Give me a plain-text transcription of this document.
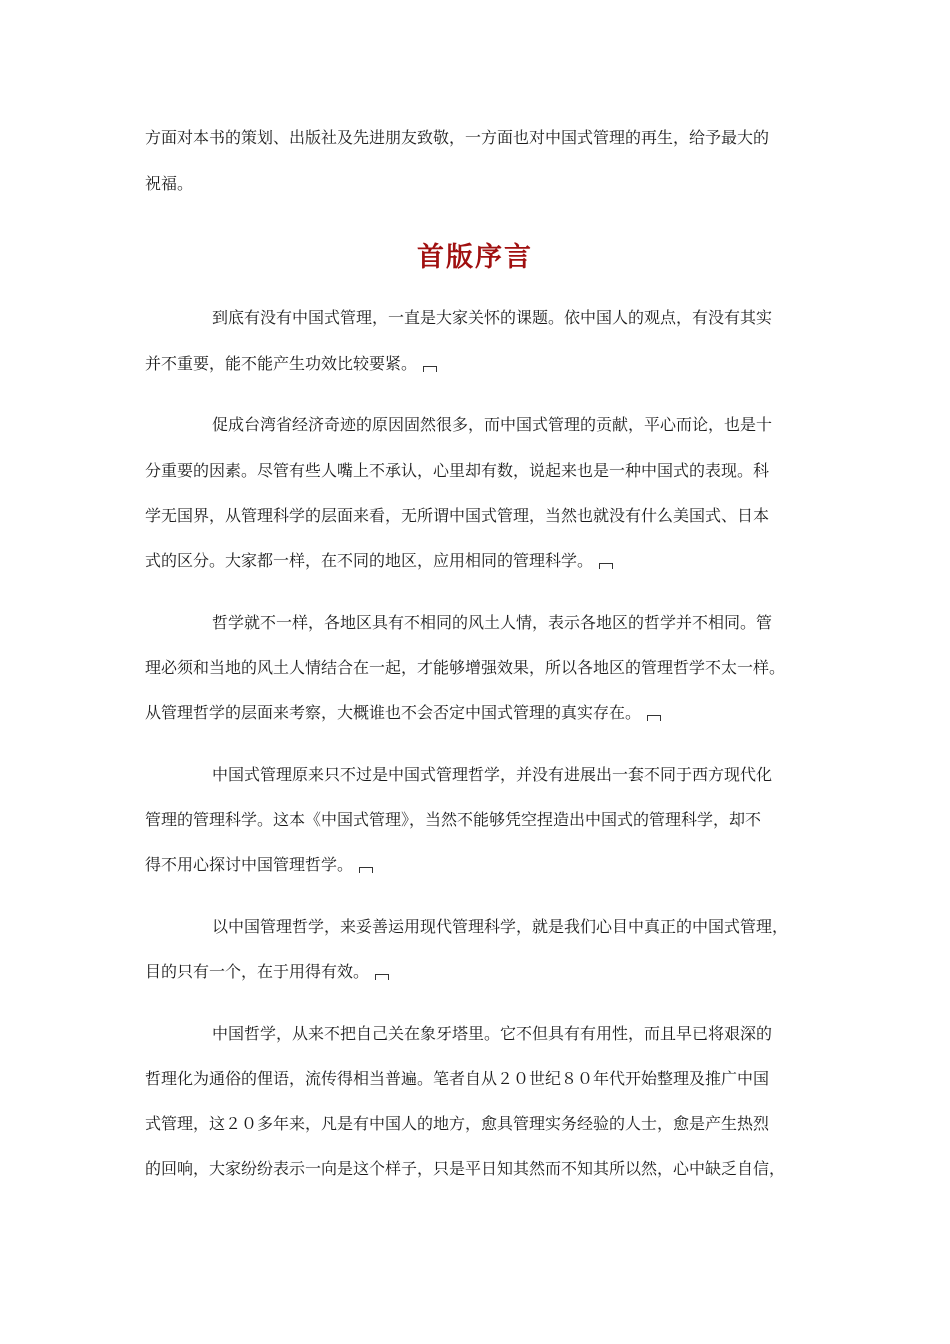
方面对本书的策划、出版社及先进朋友致敬，一方面也对中国式管理的再生，给予最大的
祝福。
首版序言
到底有没有中国式管理，一直是大家关怀的课题。依中国人的观点，有没有其实
并不重要，能不能产生功效比较要紧。
促成台湾省经济奇迹的原因固然很多，而中国式管理的贡献，平心而论，也是十
分重要的因素。尽管有些人嘴上不承认，心里却有数，说起来也是一种中国式的表现。科
学无国界，从管理科学的层面来看，无所谓中国式管理，当然也就没有什么美国式、日本
式的区分。大家都一样，在不同的地区，应用相同的管理科学。
哲学就不一样，各地区具有不相同的风土人情，表示各地区的哲学并不相同。管
理必须和当地的风土人情结合在一起，才能够增强效果，所以各地区的管理哲学不太一样。
从管理哲学的层面来考察，大概谁也不会否定中国式管理的真实存在。
中国式管理原来只不过是中国式管理哲学，并没有进展出一套不同于西方现代化
管理的管理科学。这本《中国式管理》，当然不能够凭空捏造出中国式的管理科学，却不
得不用心探讨中国管理哲学。
以中国管理哲学，来妥善运用现代管理科学，就是我们心目中真正的中国式管理，
目的只有一个，在于用得有效。
中国哲学，从来不把自己关在象牙塔里。它不但具有有用性，而且早已将艰深的
哲理化为通俗的俚语，流传得相当普遍。笔者自从２０世纪８０年代开始整理及推广中国
式管理，这２０多年来，凡是有中国人的地方，愈具管理实务经验的人士，愈是产生热烈
的回响，大家纷纷表示一向是这个样子，只是平日知其然而不知其所以然，心中缺乏自信，
